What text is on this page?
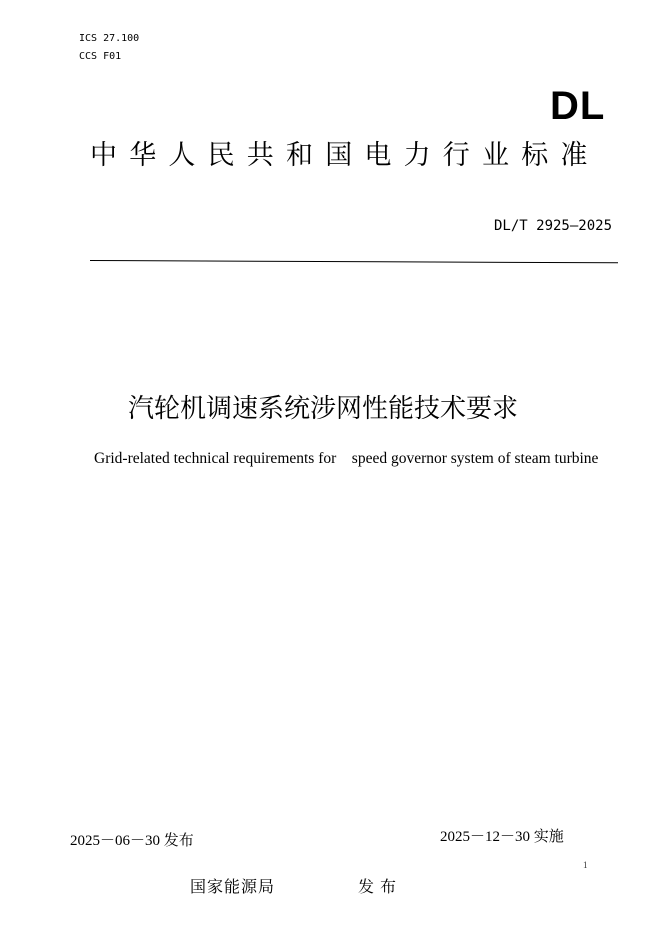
ICS 27.100
CCS F01
DL
中华人民共和国电力行业标准
DL/T 2925—2025
汽轮机调速系统涉网性能技术要求
Grid-related technical requirements for    speed governor system of steam turbine
2025－06－30 发布	2025－12－30 实施
1
国家能源局	发布
